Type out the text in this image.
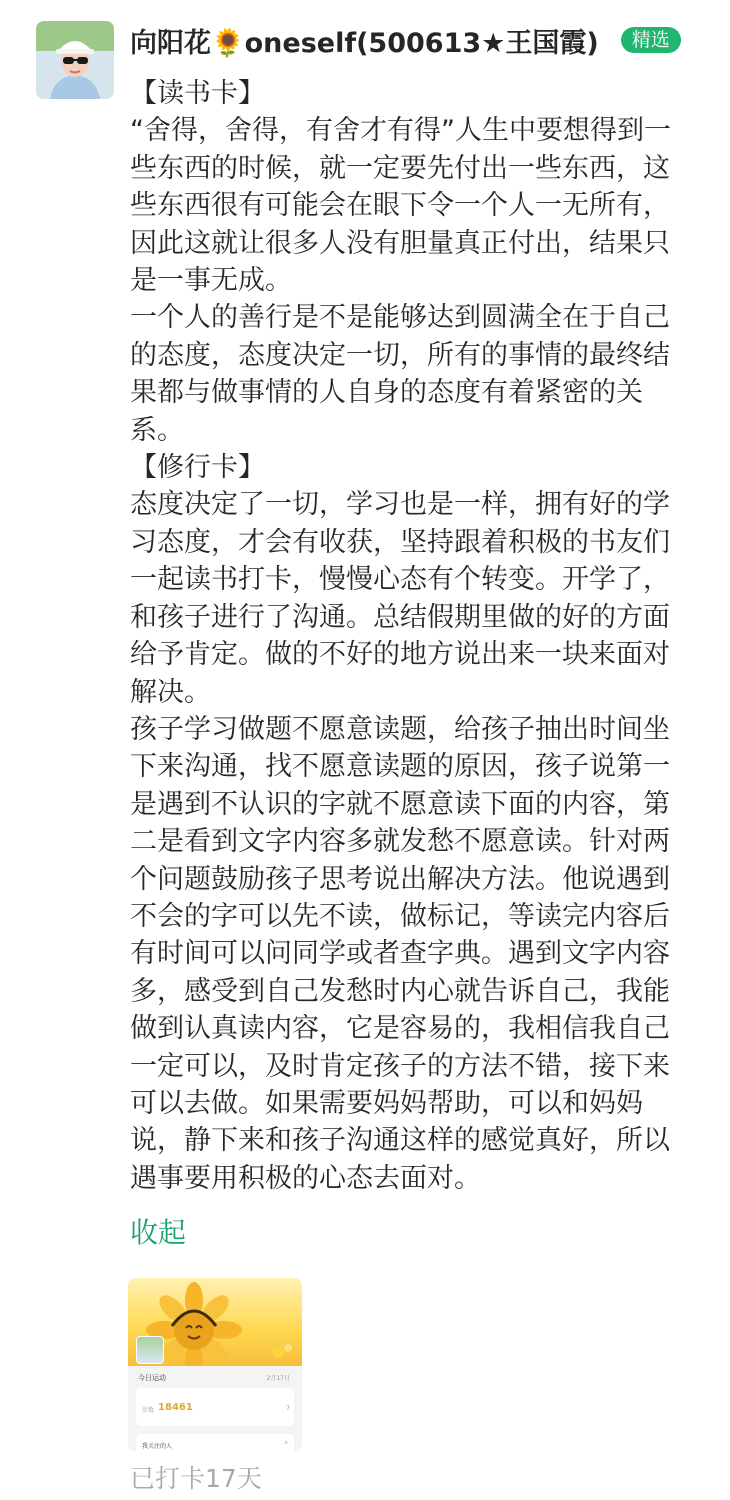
向阳花🌻oneself(500613★王国霞)	精选

【读书卡】

“舍得，舍得，有舍才有得”人生中要想得到一些东西的时候，就一定要先付出一些东西，这些东西很有可能会在眼下令一个人一无所有，因此这就让很多人没有胆量真正付出，结果只是一事无成。

一个人的善行是不是能够达到圆满全在于自己的态度，态度决定一切，所有的事情的最终结果都与做事情的人自身的态度有着紧密的关系。

【修行卡】

态度决定了一切，学习也是一样，拥有好的学习态度，才会有收获，坚持跟着积极的书友们一起读书打卡，慢慢心态有个转变。开学了，和孩子进行了沟通。总结假期里做的好的方面给予肯定。做的不好的地方说出来一块来面对解决。

孩子学习做题不愿意读题，给孩子抽出时间坐下来沟通，找不愿意读题的原因，孩子说第一是遇到不认识的字就不愿意读下面的内容，第二是看到文字内容多就发愁不愿意读。针对两个问题鼓励孩子思考说出解决方法。他说遇到不会的字可以先不读，做标记，等读完内容后有时间可以问同学或者查字典。遇到文字内容多，感受到自己发愁时内心就告诉自己，我能做到认真读内容，它是容易的，我相信我自己一定可以，及时肯定孩子的方法不错，接下来可以去做。如果需要妈妈帮助，可以和妈妈说，静下来和孩子沟通这样的感觉真好，所以遇事要用积极的心态去面对。

收起
今日运动	2月17日
步数 18461	7
我关注的人	›
已打卡17天
